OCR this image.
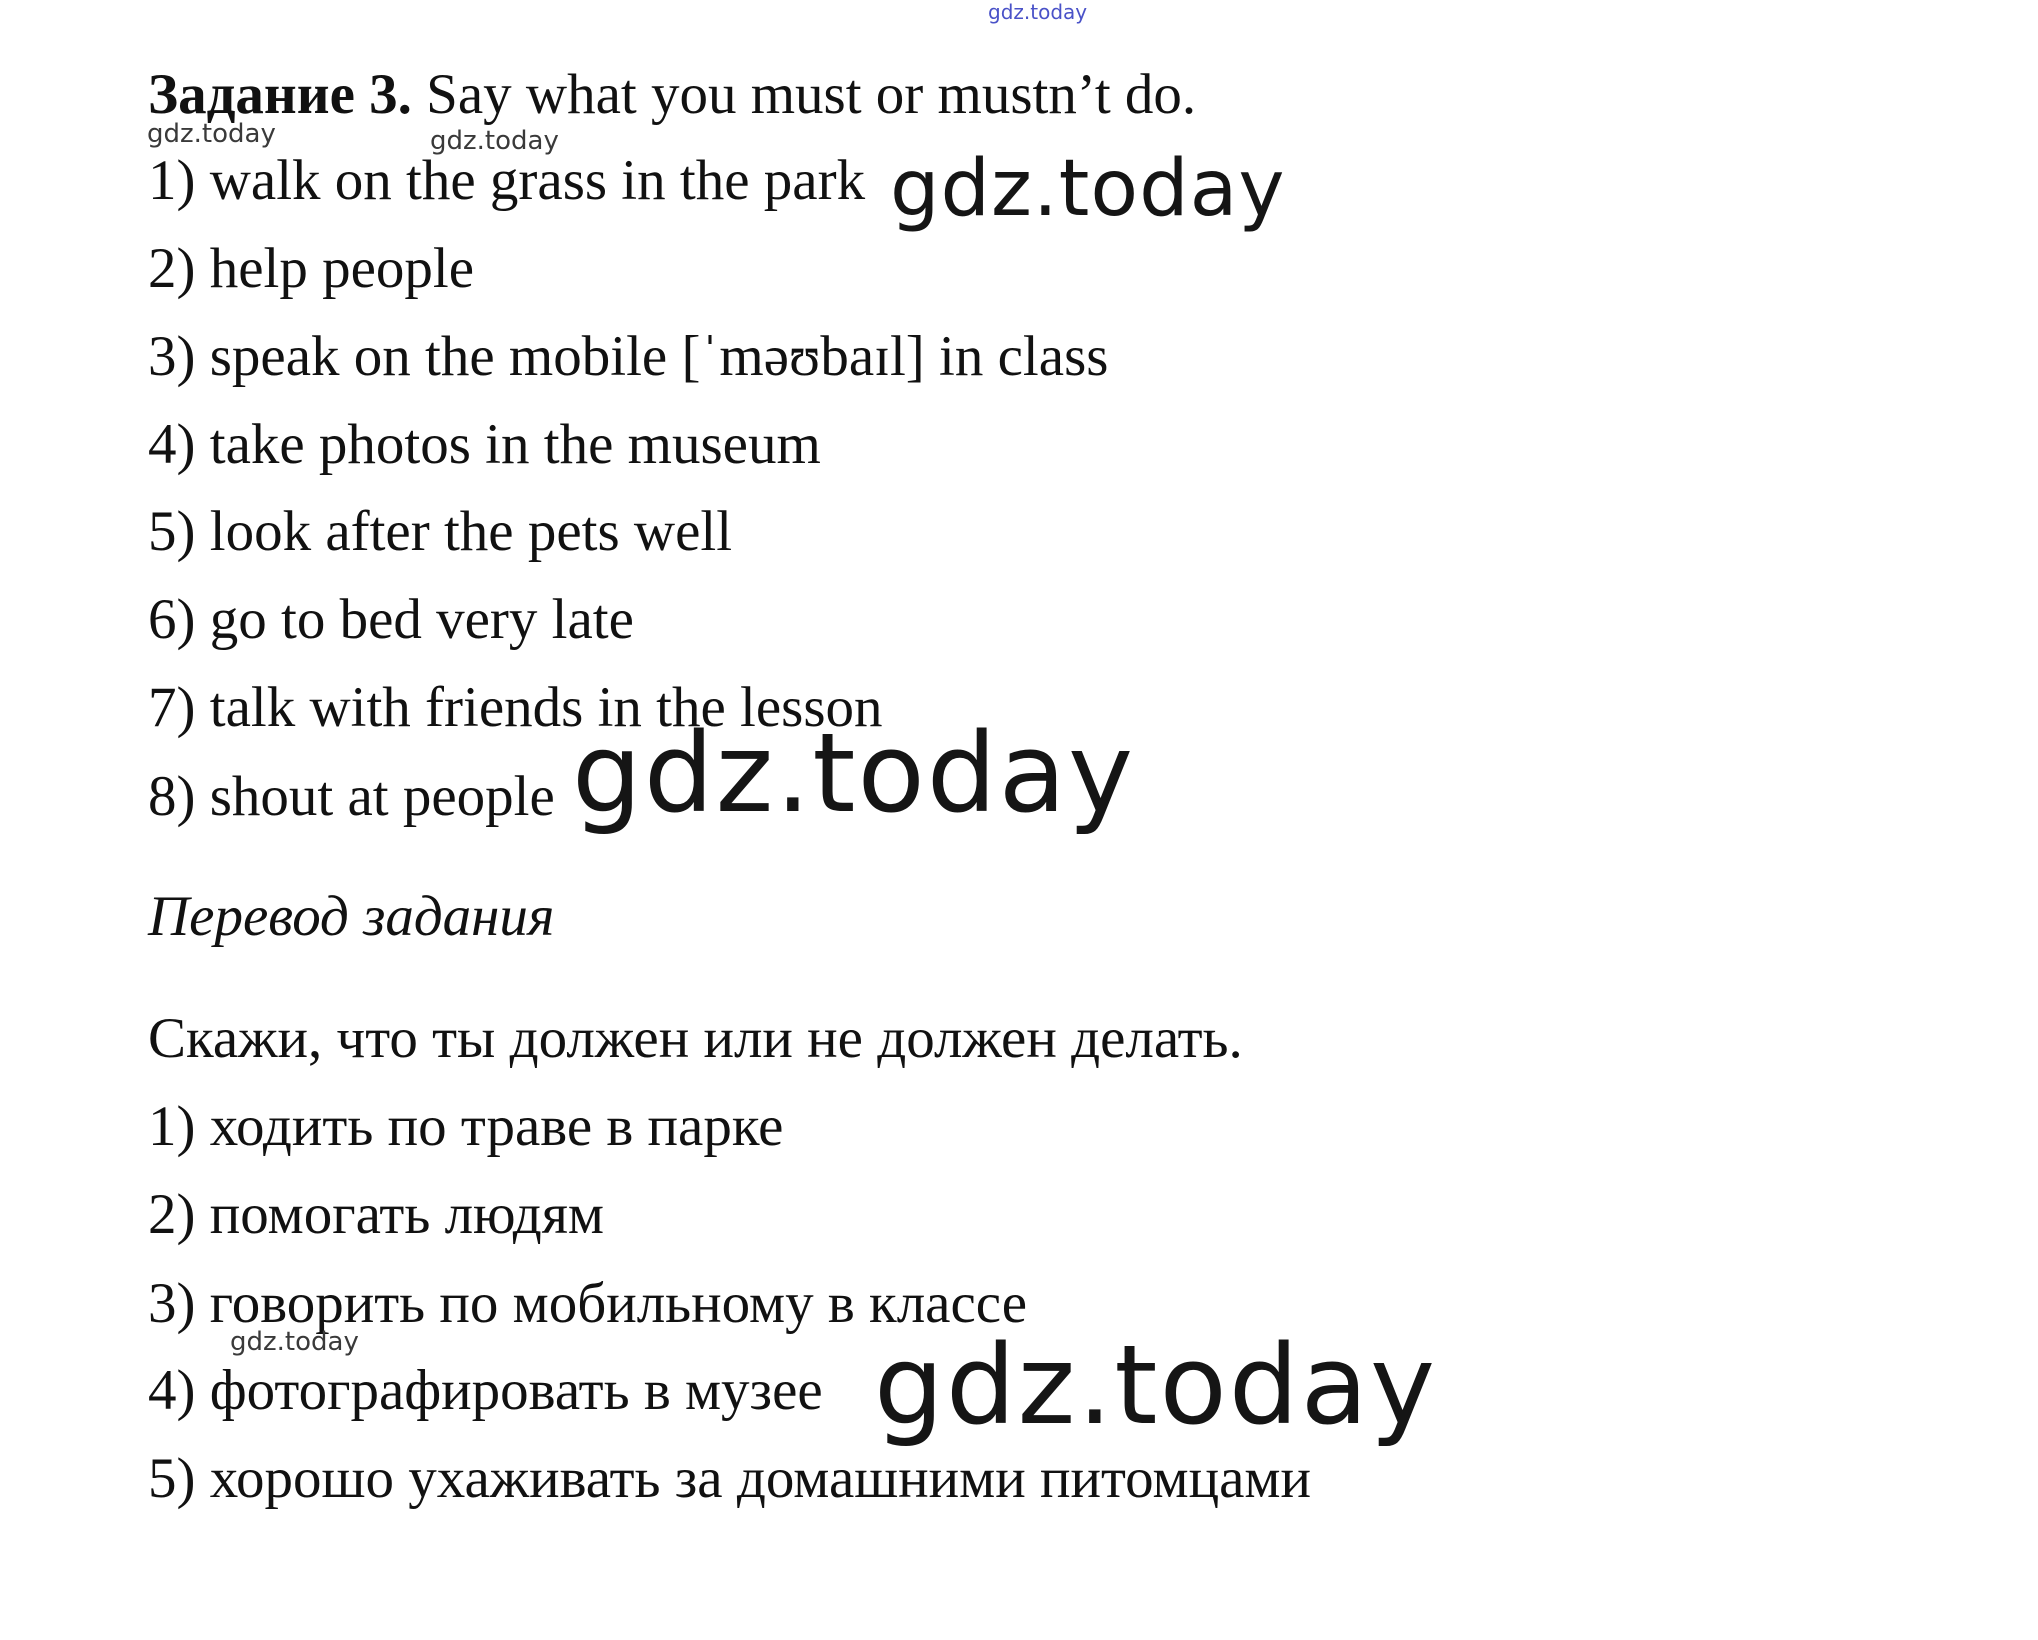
gdz.today
Задание 3. Say what you must or mustn’t do.
gdz.today	gdz.today
1) walk on the grass in the park gdz.today
2) help people
3) speak on the mobile [ˈməʊbaɪl] in class
4) take photos in the museum
5) look after the pets well
6) go to bed very late
7) talk with friends in the lesson
8) shout at people gdz.today
Перевод задания
Скажи, что ты должен или не должен делать.
1) ходить по траве в парке
2) помогать людям
3) говорить по мобильному в классе
gdz.today
4) фотографировать в музее gdz.today
5) хорошо ухаживать за домашними питомцами
